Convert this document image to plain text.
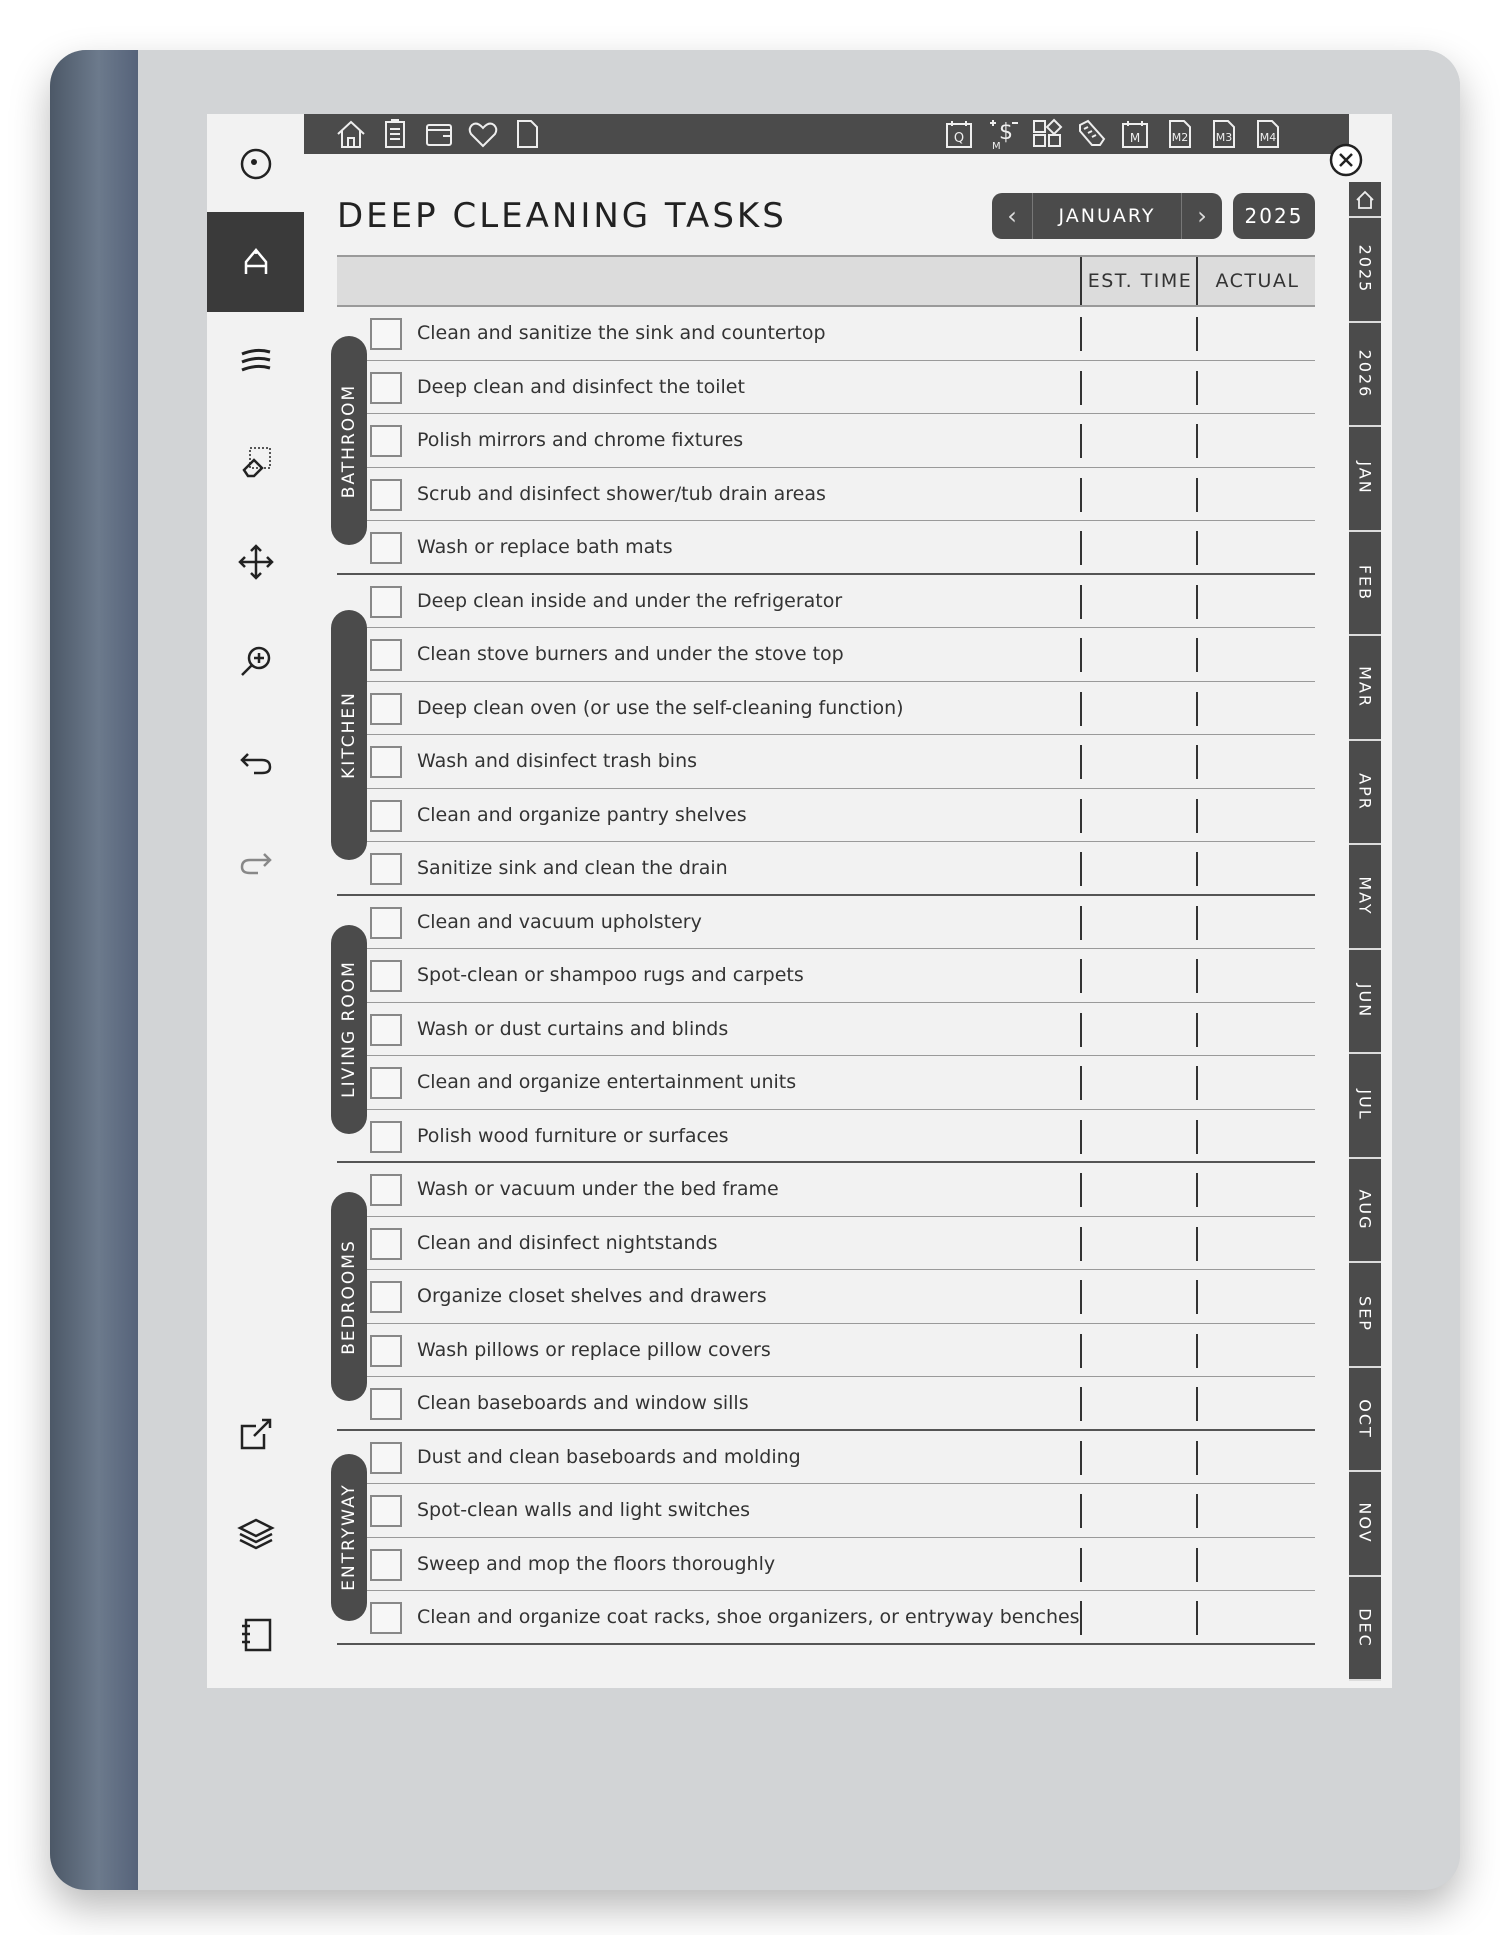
Q $
M
M	M2	M3	M4
DEEP CLEANING TASKS	‹	JANUARY	›	2025
EST. TIME	ACTUAL
Clean and sanitize the sink and countertop
Deep clean and disinfect the toilet
Polish mirrors and chrome fixtures
Scrub and disinfect shower/tub drain areas
Wash or replace bath mats
BATHROOM
Deep clean inside and under the refrigerator
Clean stove burners and under the stove top
Deep clean oven (or use the self-cleaning function)
Wash and disinfect trash bins
Clean and organize pantry shelves
Sanitize sink and clean the drain
KITCHEN
Clean and vacuum upholstery
Spot-clean or shampoo rugs and carpets
Wash or dust curtains and blinds
Clean and organize entertainment units
Polish wood furniture or surfaces
LIVING ROOM
Wash or vacuum under the bed frame
Clean and disinfect nightstands
Organize closet shelves and drawers
Wash pillows or replace pillow covers
Clean baseboards and window sills
BEDROOMS
Dust and clean baseboards and molding
Spot-clean walls and light switches
Sweep and mop the floors thoroughly
Clean and organize coat racks, shoe organizers, or entryway benches
ENTRYWAY
2025
2026
JAN
FEB
MAR
APR
MAY
JUN
JUL
AUG
SEP
OCT
NOV
DEC
